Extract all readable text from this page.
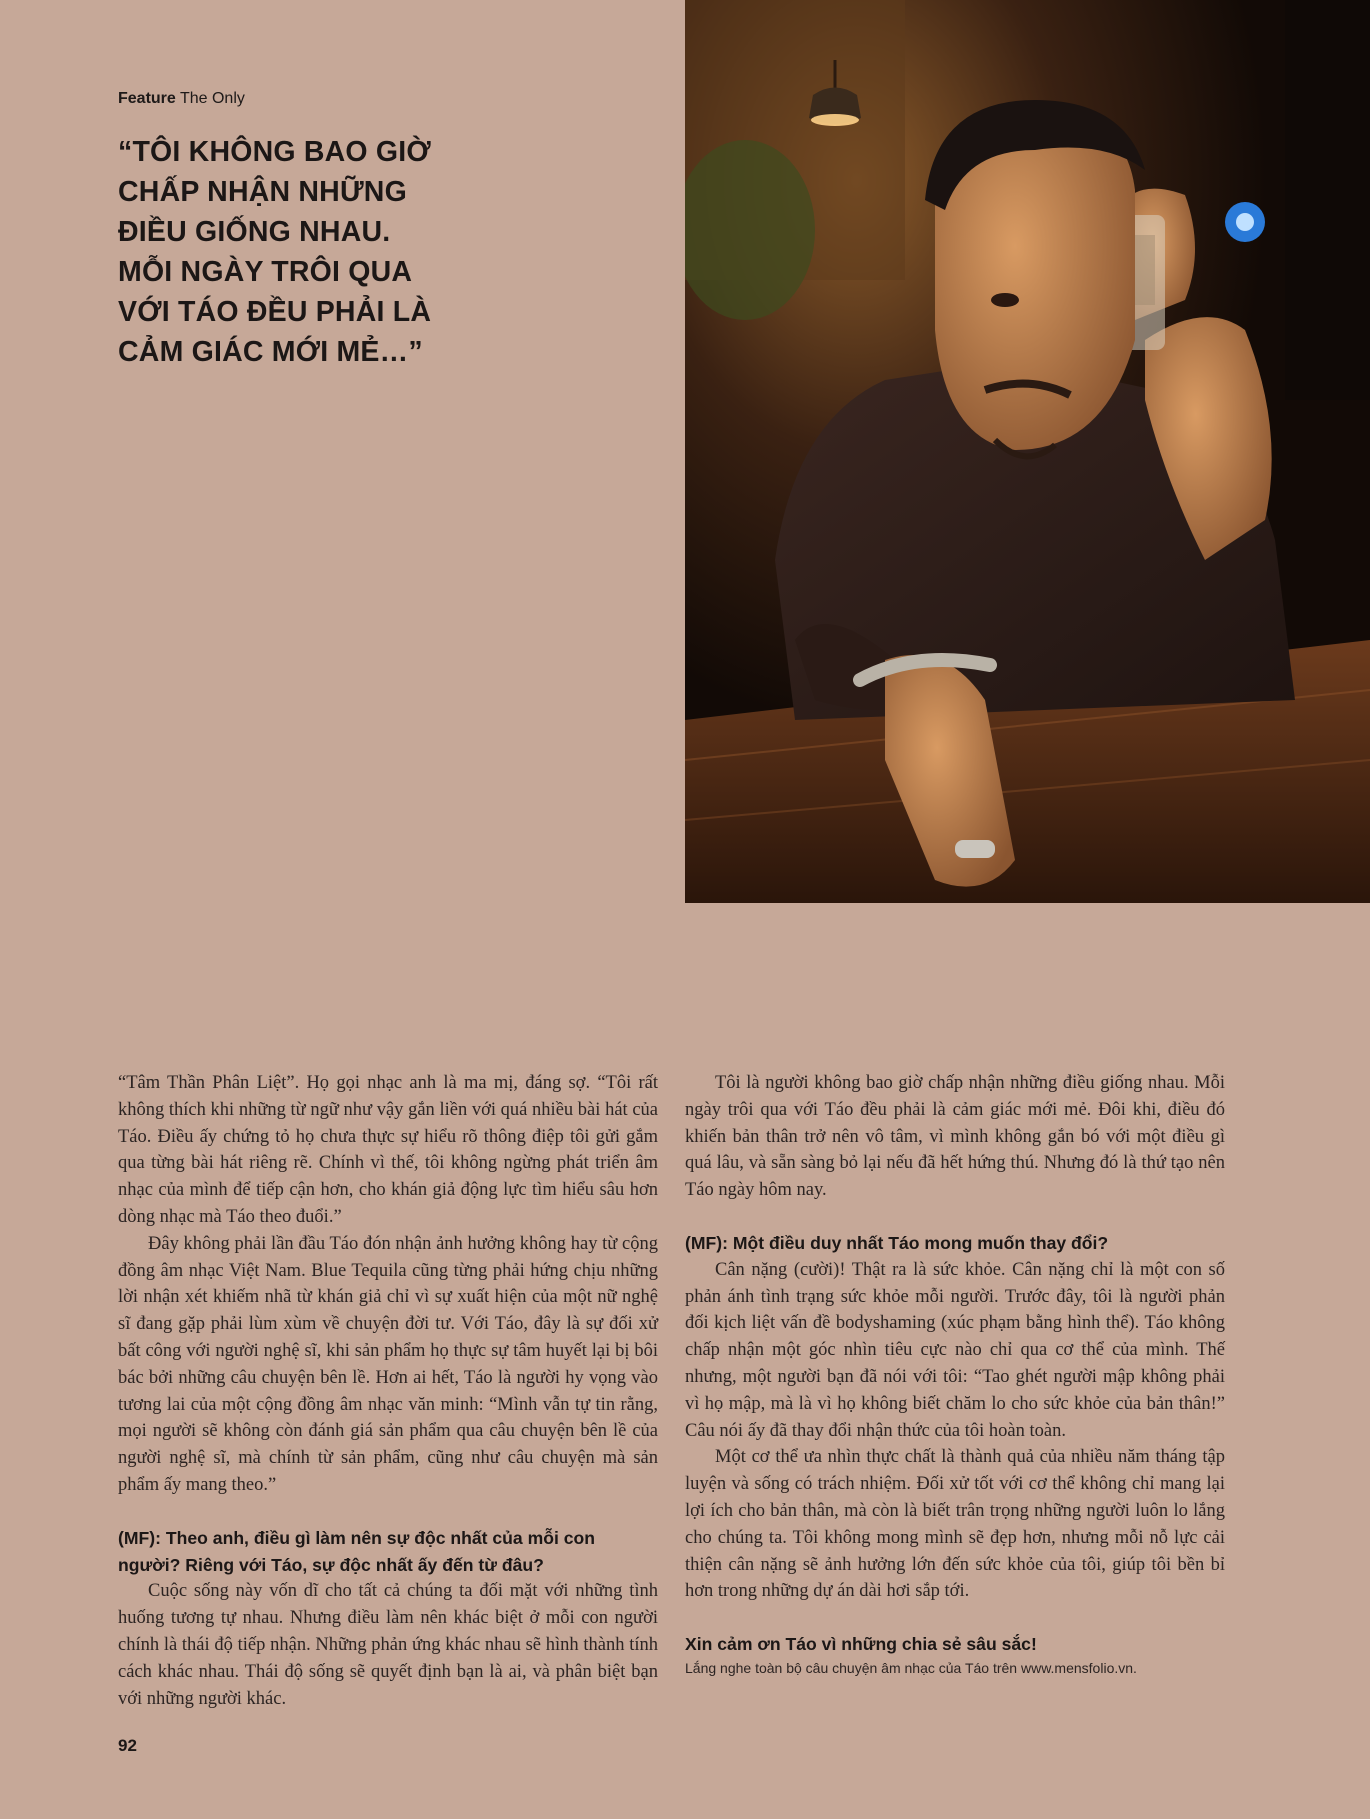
Feature The Only
“TÔI KHÔNG BAO GIỜ
CHẤP NHẬN NHỮNG
ĐIỀU GIỐNG NHAU.
MỖI NGÀY TRÔI QUA
VỚI TÁO ĐỀU PHẢI LÀ
CẢM GIÁC MỚI MẺ…”

“Tâm Thần Phân Liệt”. Họ gọi nhạc anh là ma mị, đáng sợ. “Tôi rất không thích khi những từ ngữ như vậy gắn liền với quá nhiều bài hát của Táo. Điều ấy chứng tỏ họ chưa thực sự hiểu rõ thông điệp tôi gửi gắm qua từng bài hát riêng rẽ. Chính vì thế, tôi không ngừng phát triển âm nhạc của mình để tiếp cận hơn, cho khán giả động lực tìm hiểu sâu hơn dòng nhạc mà Táo theo đuổi.”

Đây không phải lần đầu Táo đón nhận ảnh hưởng không hay từ cộng đồng âm nhạc Việt Nam. Blue Tequila cũng từng phải hứng chịu những lời nhận xét khiếm nhã từ khán giả chỉ vì sự xuất hiện của một nữ nghệ sĩ đang gặp phải lùm xùm về chuyện đời tư. Với Táo, đây là sự đối xử bất công với người nghệ sĩ, khi sản phẩm họ thực sự tâm huyết lại bị bôi bác bởi những câu chuyện bên lề. Hơn ai hết, Táo là người hy vọng vào tương lai của một cộng đồng âm nhạc văn minh: “Mình vẫn tự tin rằng, mọi người sẽ không còn đánh giá sản phẩm qua câu chuyện bên lề của người nghệ sĩ, mà chính từ sản phẩm, cũng như câu chuyện mà sản phẩm ấy mang theo.”

(MF): Theo anh, điều gì làm nên sự độc nhất của mỗi con người? Riêng với Táo, sự độc nhất ấy đến từ đâu?

Cuộc sống này vốn dĩ cho tất cả chúng ta đối mặt với những tình huống tương tự nhau. Nhưng điều làm nên khác biệt ở mỗi con người chính là thái độ tiếp nhận. Những phản ứng khác nhau sẽ hình thành tính cách khác nhau. Thái độ sống sẽ quyết định bạn là ai, và phân biệt bạn với những người khác.

Tôi là người không bao giờ chấp nhận những điều giống nhau. Mỗi ngày trôi qua với Táo đều phải là cảm giác mới mẻ. Đôi khi, điều đó khiến bản thân trở nên vô tâm, vì mình không gắn bó với một điều gì quá lâu, và sẵn sàng bỏ lại nếu đã hết hứng thú. Nhưng đó là thứ tạo nên Táo ngày hôm nay.

(MF): Một điều duy nhất Táo mong muốn thay đổi?

Cân nặng (cười)! Thật ra là sức khỏe. Cân nặng chỉ là một con số phản ánh tình trạng sức khỏe mỗi người. Trước đây, tôi là người phản đối kịch liệt vấn đề bodyshaming (xúc phạm bằng hình thể). Táo không chấp nhận một góc nhìn tiêu cực nào chỉ qua cơ thể của mình. Thế nhưng, một người bạn đã nói với tôi: “Tao ghét người mập không phải vì họ mập, mà là vì họ không biết chăm lo cho sức khỏe của bản thân!” Câu nói ấy đã thay đổi nhận thức của tôi hoàn toàn.

Một cơ thể ưa nhìn thực chất là thành quả của nhiều năm tháng tập luyện và sống có trách nhiệm. Đối xử tốt với cơ thể không chỉ mang lại lợi ích cho bản thân, mà còn là biết trân trọng những người luôn lo lắng cho chúng ta. Tôi không mong mình sẽ đẹp hơn, nhưng mỗi nỗ lực cải thiện cân nặng sẽ ảnh hưởng lớn đến sức khỏe của tôi, giúp tôi bền bỉ hơn trong những dự án dài hơi sắp tới.

Xin cảm ơn Táo vì những chia sẻ sâu sắc!

Lắng nghe toàn bộ câu chuyện âm nhạc của Táo trên www.mensfolio.vn.

92
